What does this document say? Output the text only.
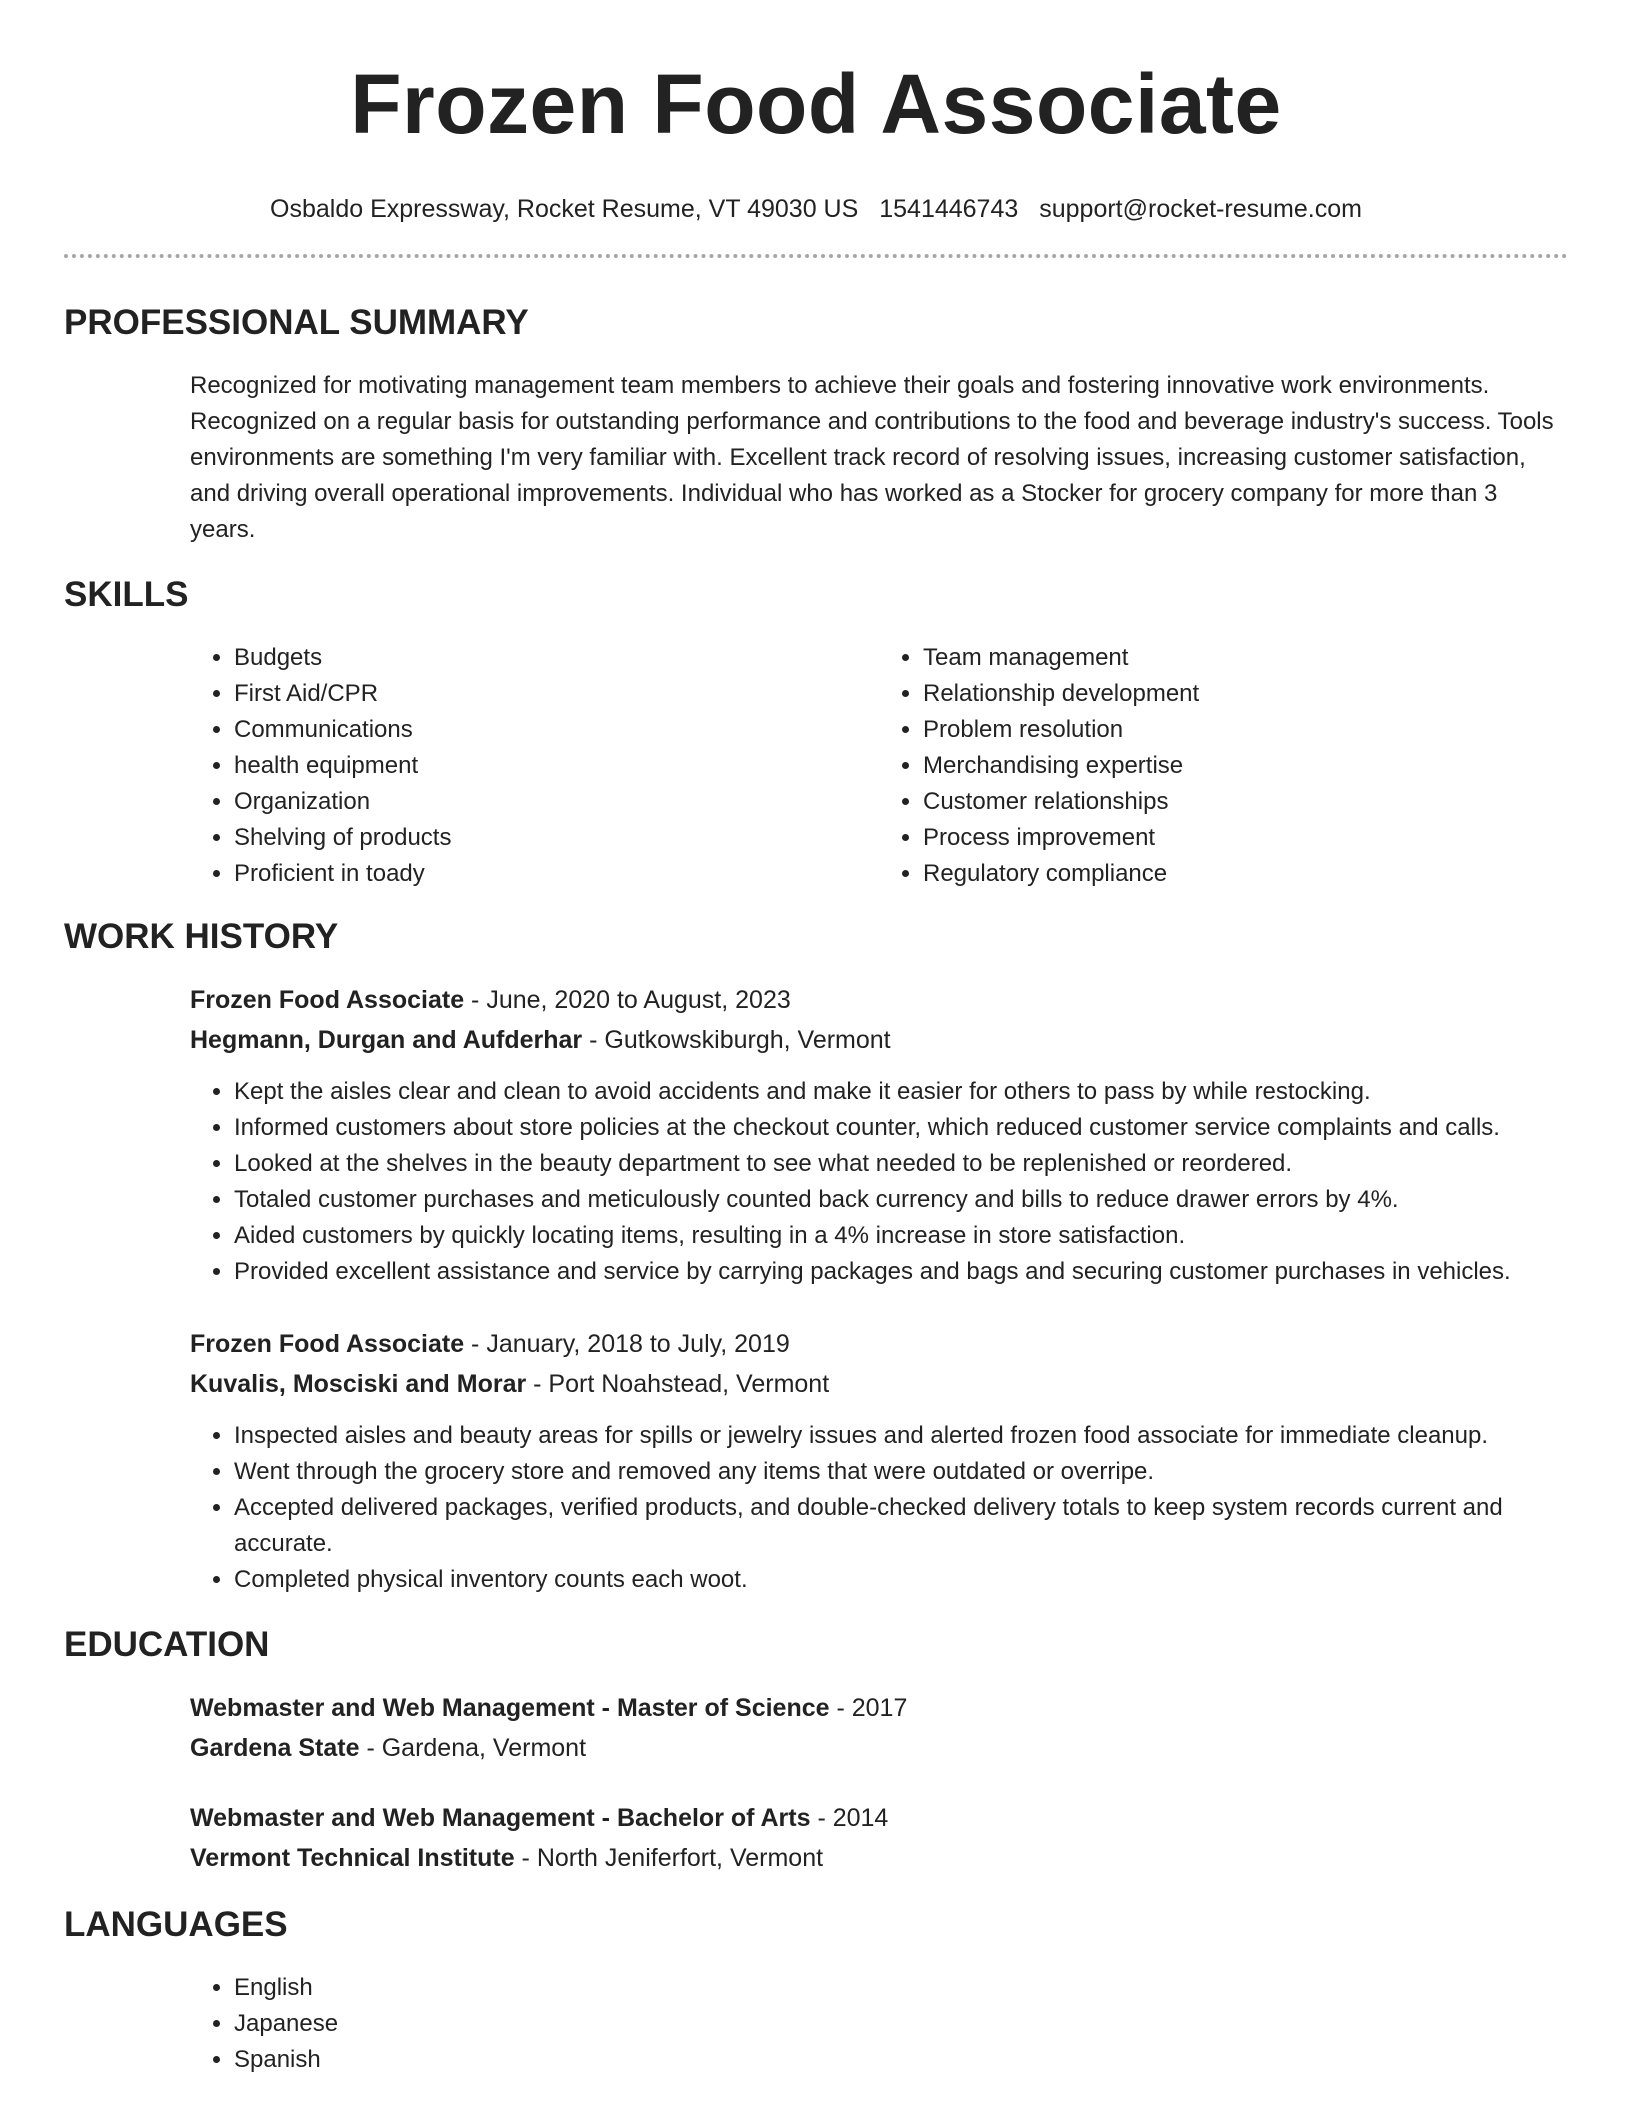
Frozen Food Associate
Osbaldo Expressway, Rocket Resume, VT 49030 US 1541446743 support@rocket-resume.com
PROFESSIONAL SUMMARY
Recognized for motivating management team members to achieve their goals and fostering innovative work environments. Recognized on a regular basis for outstanding performance and contributions to the food and beverage industry's success. Tools environments are something I'm very familiar with. Excellent track record of resolving issues, increasing customer satisfaction, and driving overall operational improvements. Individual who has worked as a Stocker for grocery company for more than 3 years.
SKILLS
• Budgets
• First Aid/CPR
• Communications
• health equipment
• Organization
• Shelving of products
• Proficient in toady
• Team management
• Relationship development
• Problem resolution
• Merchandising expertise
• Customer relationships
• Process improvement
• Regulatory compliance
WORK HISTORY
Frozen Food Associate - June, 2020 to August, 2023
Hegmann, Durgan and Aufderhar - Gutkowskiburgh, Vermont
• Kept the aisles clear and clean to avoid accidents and make it easier for others to pass by while restocking.
• Informed customers about store policies at the checkout counter, which reduced customer service complaints and calls.
• Looked at the shelves in the beauty department to see what needed to be replenished or reordered.
• Totaled customer purchases and meticulously counted back currency and bills to reduce drawer errors by 4%.
• Aided customers by quickly locating items, resulting in a 4% increase in store satisfaction.
• Provided excellent assistance and service by carrying packages and bags and securing customer purchases in vehicles.
Frozen Food Associate - January, 2018 to July, 2019
Kuvalis, Mosciski and Morar - Port Noahstead, Vermont
• Inspected aisles and beauty areas for spills or jewelry issues and alerted frozen food associate for immediate cleanup.
• Went through the grocery store and removed any items that were outdated or overripe.
• Accepted delivered packages, verified products, and double-checked delivery totals to keep system records current and accurate.
• Completed physical inventory counts each woot.
EDUCATION
Webmaster and Web Management - Master of Science - 2017
Gardena State - Gardena, Vermont
Webmaster and Web Management - Bachelor of Arts - 2014
Vermont Technical Institute - North Jeniferfort, Vermont
LANGUAGES
• English
• Japanese
• Spanish
